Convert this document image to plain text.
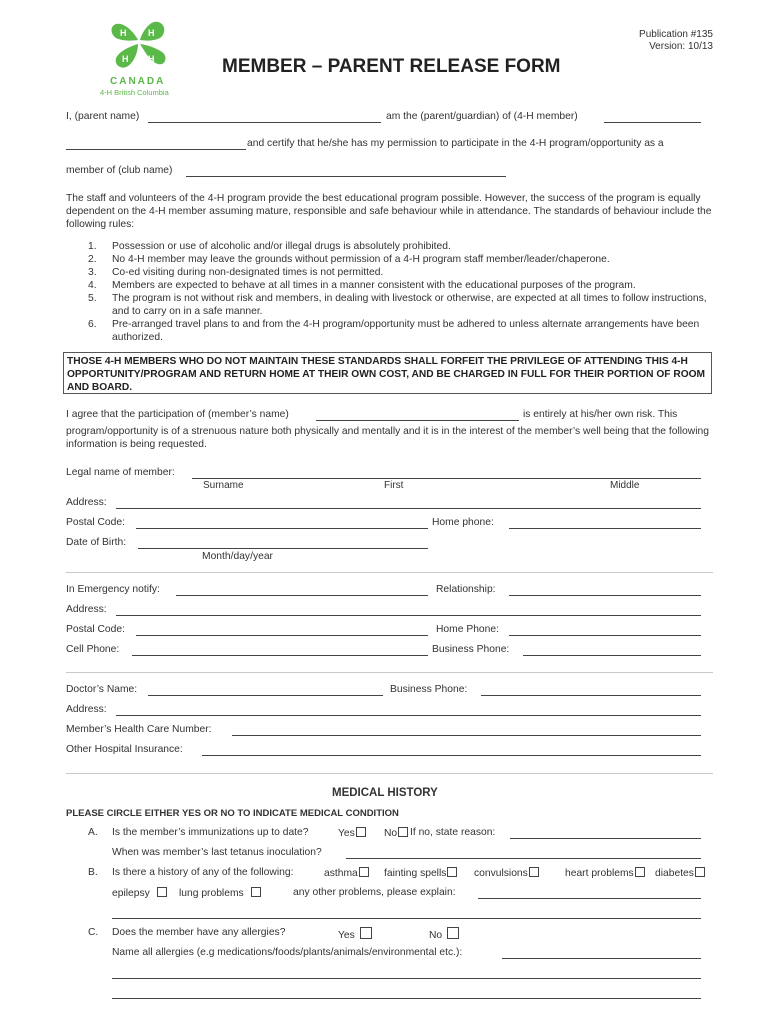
H H
H H
CANADA
4-H British Columbia
Publication #135
Version: 10/13
MEMBER – PARENT RELEASE FORM
I, (parent name)	am the (parent/guardian) of (4-H member)
and certify that he/she has my permission to participate in the 4-H program/opportunity as a
member of (club name)
The staff and volunteers of the 4-H program provide the best educational program possible. However, the success of the program is equally dependent on the 4-H member assuming mature, responsible and safe behaviour while in attendance. The standards of behaviour include the following rules:
1. Possession or use of alcoholic and/or illegal drugs is absolutely prohibited.
2. No 4-H member may leave the grounds without permission of a 4-H program staff member/leader/chaperone.
3. Co-ed visiting during non-designated times is not permitted.
4. Members are expected to behave at all times in a manner consistent with the educational purposes of the program.
5. The program is not without risk and members, in dealing with livestock or otherwise, are expected at all times to follow instructions, and to carry on in a safe manner.
6. Pre-arranged travel plans to and from the 4-H program/opportunity must be adhered to unless alternate arrangements have been authorized.
THOSE 4-H MEMBERS WHO DO NOT MAINTAIN THESE STANDARDS SHALL FORFEIT THE PRIVILEGE OF ATTENDING THIS 4-H OPPORTUNITY/PROGRAM AND RETURN HOME AT THEIR OWN COST, AND BE CHARGED IN FULL FOR THEIR PORTION OF ROOM AND BOARD.
I agree that the participation of (member’s name)	is entirely at his/her own risk. This
program/opportunity is of a strenuous nature both physically and mentally and it is in the interest of the member’s well being that the following information is being requested.
Legal name of member:
Surname	First	Middle
Address:
Postal Code:	Home phone:
Date of Birth:
Month/day/year
In Emergency notify:	Relationship:
Address:
Postal Code:	Home Phone:
Cell Phone:	Business Phone:
Doctor’s Name:	Business Phone:
Address:
Member’s Health Care Number:
Other Hospital Insurance:
MEDICAL HISTORY
PLEASE CIRCLE EITHER YES OR NO TO INDICATE MEDICAL CONDITION
A. Is the member’s immunizations up to date?	Yes	No	If no, state reason:
When was member’s last tetanus inoculation?
B. Is there a history of any of the following:	asthma	fainting spells	convulsions	heart problems	diabetes
epilepsy	lung problems	any other problems, please explain:
C. Does the member have any allergies?	Yes	No
Name all allergies (e.g medications/foods/plants/animals/environmental etc.):
